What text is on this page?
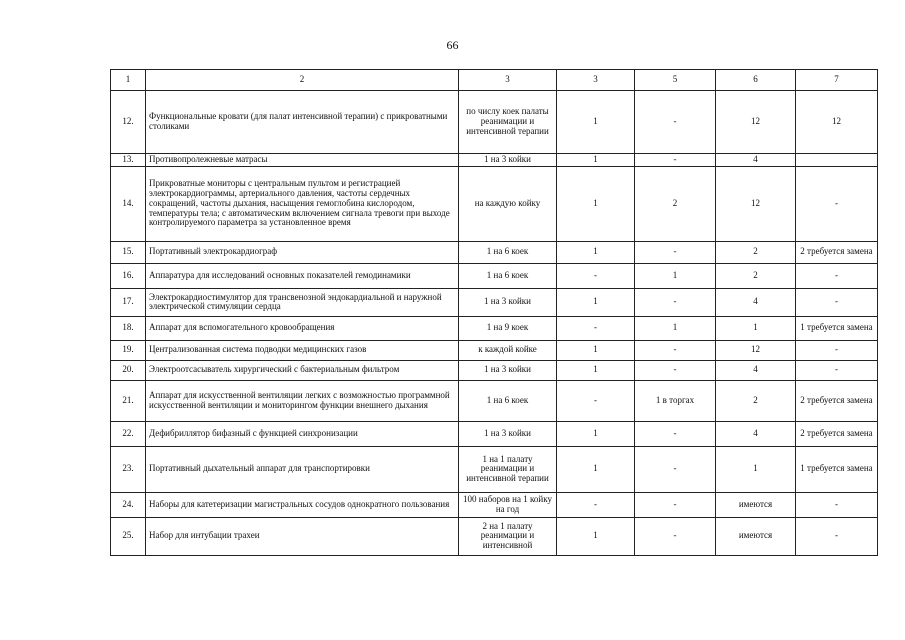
66
1	2	3	3	5	6	7
12.	Функциональные кровати (для палат интенсивной терапии) с прикроватными столиками	по числу коек палаты реанимации и интенсивной терапии	1	-	12	12
13.	Противопролежневые матрасы	1 на 3 койки	1	-	4	
14.	Прикроватные мониторы с центральным пультом и регистрацией электрокардиограммы, артериального давления, частоты сердечных сокращений, частоты дыхания, насыщения гемоглобина кислородом, температуры тела; с автоматическим включением сигнала тревоги при выходе контролируемого параметра за установленное время	на каждую койку	1	2	12	-
15.	Портативный электрокардиограф	1 на 6 коек	1	-	2	2 требуется замена
16.	Аппаратура для исследований основных показателей гемодинамики	1 на 6 коек	-	1	2	-
17.	Электрокардиостимулятор для трансвенозной эндокардиальной и наружной электрической стимуляции сердца	1 на 3 койки	1	-	4	-
18.	Аппарат для вспомогательного кровообращения	1 на 9 коек	-	1	1	1 требуется замена
19.	Централизованная система подводки медицинских газов	к каждой койке	1	-	12	-
20.	Электроотсасыватель хирургический с бактериальным фильтром	1 на 3 койки	1	-	4	-
21.	Аппарат для искусственной вентиляции легких с возможностью программной искусственной вентиляции и мониторингом функции внешнего дыхания	1 на 6 коек	-	1 в торгах	2	2 требуется замена
22.	Дефибриллятор бифазный с функцией синхронизации	1 на 3 койки	1	-	4	2 требуется замена
23.	Портативный дыхательный аппарат для транспортировки	1 на 1 палату реанимации и интенсивной терапии	1	-	1	1 требуется замена
24.	Наборы для катетеризации магистральных сосудов однократного пользования	100 наборов на 1 койку на год	-	-	имеются	-
25.	Набор для интубации трахеи	2 на 1 палату реанимации и интенсивной	1	-	имеются	-
